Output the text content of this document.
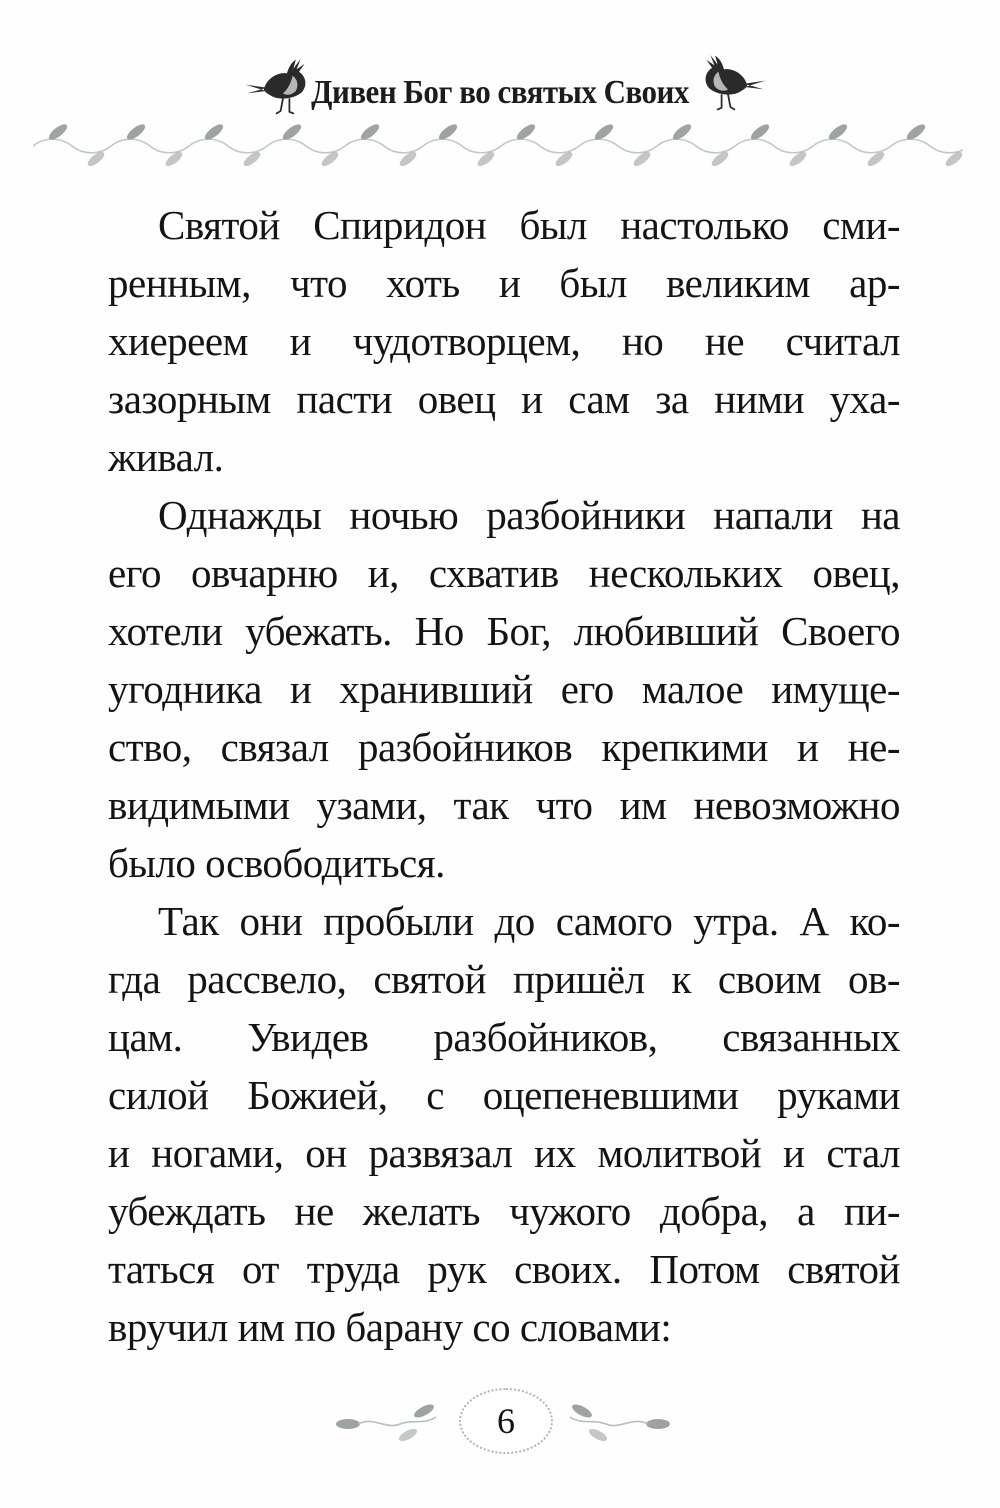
Дивен Бог во святых Своих
Святой Спиридон был настолько сми-
ренным, что хоть и был великим ар-
хиереем и чудотворцем, но не считал
зазорным пасти овец и сам за ними уха-
живал.
Однажды ночью разбойники напали на
его овчарню и, схватив нескольких овец,
хотели убежать. Но Бог, любивший Своего
угодника и хранивший его малое имуще-
ство, связал разбойников крепкими и не-
видимыми узами, так что им невозможно
было освободиться.
Так они пробыли до самого утра. А ко-
гда рассвело, святой пришёл к своим ов-
цам. Увидев разбойников, связанных
силой Божией, с оцепеневшими руками
и ногами, он развязал их молитвой и стал
убеждать не желать чужого добра, а пи-
таться от труда рук своих. Потом святой
вручил им по барану со словами:
6
